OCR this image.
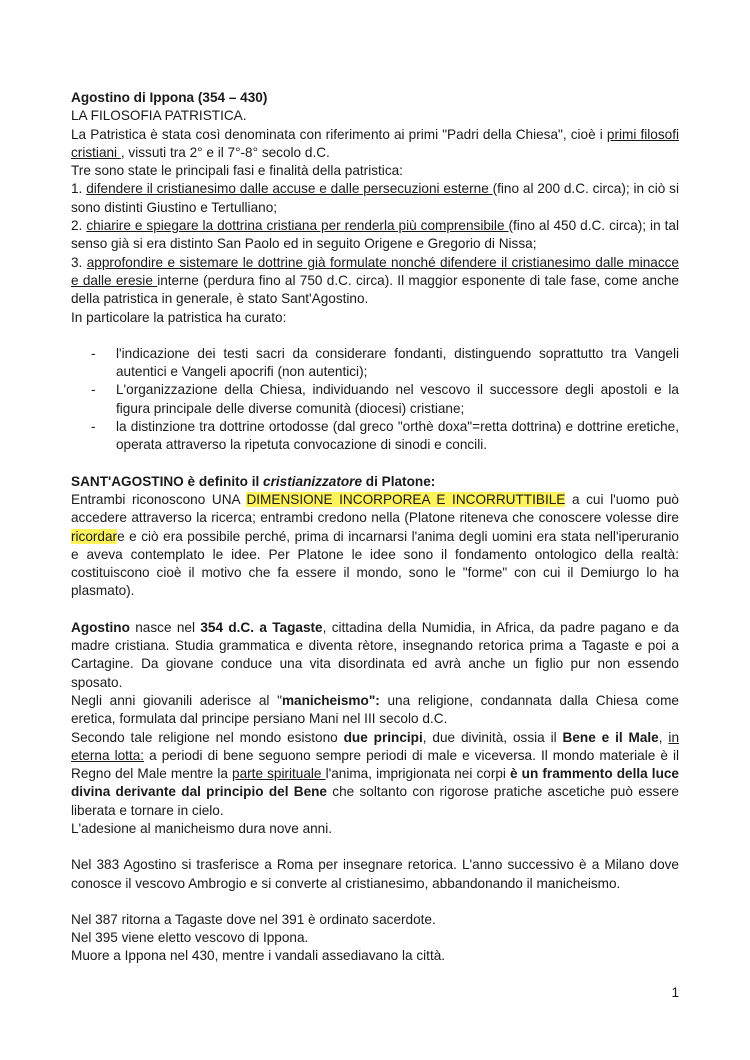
Agostino di Ippona (354 – 430)

LA FILOSOFIA PATRISTICA.

La Patristica è stata così denominata con riferimento ai primi "Padri della Chiesa", cioè i primi filosofi cristiani , vissuti tra 2° e il 7°-8° secolo d.C.

Tre sono state le principali fasi e finalità della patristica:

1. difendere il cristianesimo dalle accuse e dalle persecuzioni esterne (fino al 200 d.C. circa); in ciò si sono distinti Giustino e Tertulliano;

2. chiarire e spiegare la dottrina cristiana per renderla più comprensibile (fino al 450 d.C. circa); in tal senso già si era distinto San Paolo ed in seguito Origene e Gregorio di Nissa;

3. approfondire e sistemare le dottrine già formulate nonché difendere il cristianesimo dalle minacce e dalle eresie interne (perdura fino al 750 d.C. circa). Il maggior esponente di tale fase, come anche della patristica in generale, è stato Sant'Agostino.

In particolare la patristica ha curato:

- l'indicazione dei testi sacri da considerare fondanti, distinguendo soprattutto tra Vangeli autentici e Vangeli apocrifi (non autentici);
- L'organizzazione della Chiesa, individuando nel vescovo il successore degli apostoli e la figura principale delle diverse comunità (diocesi) cristiane;
- la distinzione tra dottrine ortodosse (dal greco "orthè doxa"=retta dottrina) e dottrine eretiche, operata attraverso la ripetuta convocazione di sinodi e concili.

SANT'AGOSTINO è definito il cristianizzatore di Platone:

Entrambi riconoscono UNA DIMENSIONE INCORPOREA E INCORRUTTIBILE a cui l'uomo può accedere attraverso la ricerca; entrambi credono nella (Platone riteneva che conoscere volesse dire ricordare e ciò era possibile perché, prima di incarnarsi l'anima degli uomini era stata nell'iperuranio e aveva contemplato le idee. Per Platone le idee sono il fondamento ontologico della realtà: costituiscono cioè il motivo che fa essere il mondo, sono le "forme" con cui il Demiurgo lo ha plasmato).

Agostino nasce nel 354 d.C. a Tagaste, cittadina della Numidia, in Africa, da padre pagano e da madre cristiana. Studia grammatica e diventa rètore, insegnando retorica prima a Tagaste e poi a Cartagine. Da giovane conduce una vita disordinata ed avrà anche un figlio pur non essendo sposato.

Negli anni giovanili aderisce al "manicheismo": una religione, condannata dalla Chiesa come eretica, formulata dal principe persiano Mani nel III secolo d.C.

Secondo tale religione nel mondo esistono due principi, due divinità, ossia il Bene e il Male, in eterna lotta: a periodi di bene seguono sempre periodi di male e viceversa. Il mondo materiale è il Regno del Male mentre la parte spirituale l'anima, imprigionata nei corpi è un frammento della luce divina derivante dal principio del Bene che soltanto con rigorose pratiche ascetiche può essere liberata e tornare in cielo.

L'adesione al manicheismo dura nove anni.

Nel 383 Agostino si trasferisce a Roma per insegnare retorica. L'anno successivo è a Milano dove conosce il vescovo Ambrogio e si converte al cristianesimo, abbandonando il manicheismo.

Nel 387 ritorna a Tagaste dove nel 391 è ordinato sacerdote.

Nel 395 viene eletto vescovo di Ippona.

Muore a Ippona nel 430, mentre i vandali assediavano la città.

1
